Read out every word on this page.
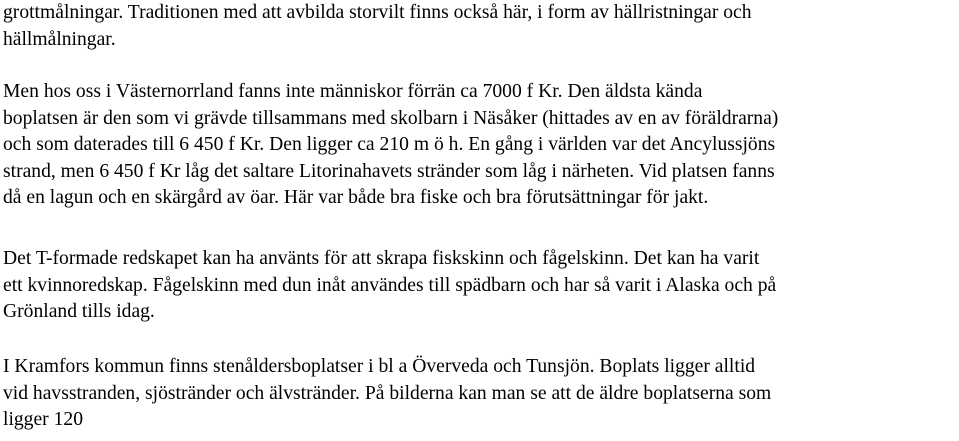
grottmålningar. Traditionen med att avbilda storvilt finns också här, i form av hällristningar och
hällmålningar.

Men hos oss i Västernorrland fanns inte människor förrän ca 7000 f Kr. Den äldsta kända
boplatsen är den som vi grävde tillsammans med skolbarn i Näsåker (hittades av en av föräldrarna)
och som daterades till 6 450 f Kr. Den ligger ca 210 m ö h. En gång i världen var det Ancylussjöns
strand, men 6 450 f Kr låg det saltare Litorinahavets stränder som låg i närheten. Vid platsen fanns
då en lagun och en skärgård av öar. Här var både bra fiske och bra förutsättningar för jakt.

Det T-formade redskapet kan ha använts för att skrapa fiskskinn och fågelskinn. Det kan ha varit
ett kvinnoredskap. Fågelskinn med dun inåt användes till spädbarn och har så varit i Alaska och på
Grönland tills idag.

I Kramfors kommun finns stenåldersboplatser i bl a Överveda och Tunsjön. Boplats ligger alltid
vid havsstranden, sjöstränder och älvstränder. På bilderna kan man se att de äldre boplatserna som
ligger 120
